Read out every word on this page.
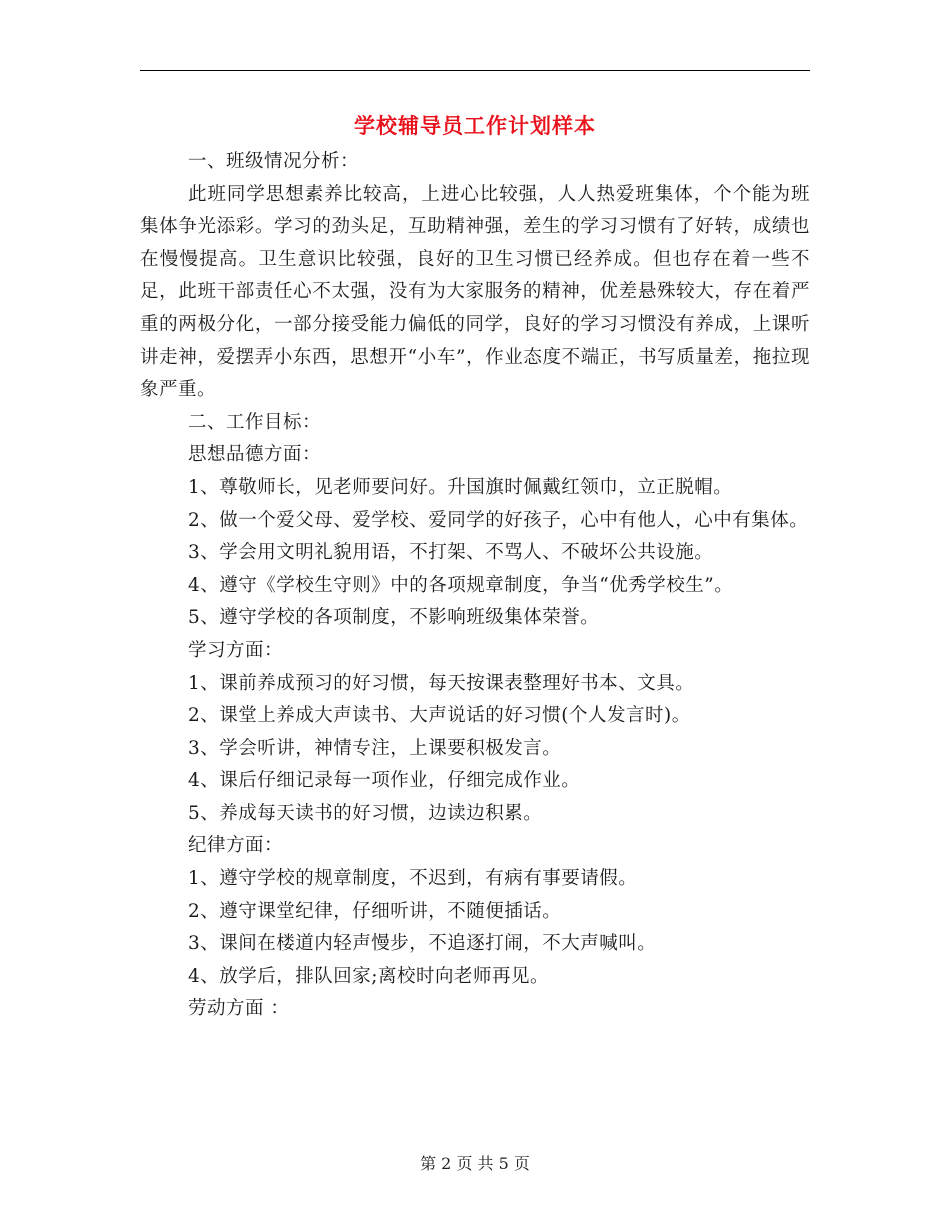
学校辅导员工作计划样本

一、班级情况分析：

此班同学思想素养比较高，上进心比较强，人人热爱班集体，个个能为班集体争光添彩。学习的劲头足，互助精神强，差生的学习习惯有了好转，成绩也在慢慢提高。卫生意识比较强，良好的卫生习惯已经养成。但也存在着一些不足，此班干部责任心不太强，没有为大家服务的精神，优差悬殊较大，存在着严重的两极分化，一部分接受能力偏低的同学，良好的学习习惯没有养成，上课听讲走神，爱摆弄小东西，思想开“小车”，作业态度不端正，书写质量差，拖拉现象严重。

二、工作目标：

思想品德方面：

1、尊敬师长，见老师要问好。升国旗时佩戴红领巾，立正脱帽。

2、做一个爱父母、爱学校、爱同学的好孩子，心中有他人，心中有集体。

3、学会用文明礼貌用语，不打架、不骂人、不破坏公共设施。

4、遵守《学校生守则》中的各项规章制度，争当“优秀学校生”。

5、遵守学校的各项制度，不影响班级集体荣誉。

学习方面：

1、课前养成预习的好习惯，每天按课表整理好书本、文具。

2、课堂上养成大声读书、大声说话的好习惯(个人发言时)。

3、学会听讲，神情专注，上课要积极发言。

4、课后仔细记录每一项作业，仔细完成作业。

5、养成每天读书的好习惯，边读边积累。

纪律方面：

1、遵守学校的规章制度，不迟到，有病有事要请假。

2、遵守课堂纪律，仔细听讲，不随便插话。

3、课间在楼道内轻声慢步，不追逐打闹，不大声喊叫。

4、放学后，排队回家;离校时向老师再见。

劳动方面 ：

第 2 页 共 5 页
